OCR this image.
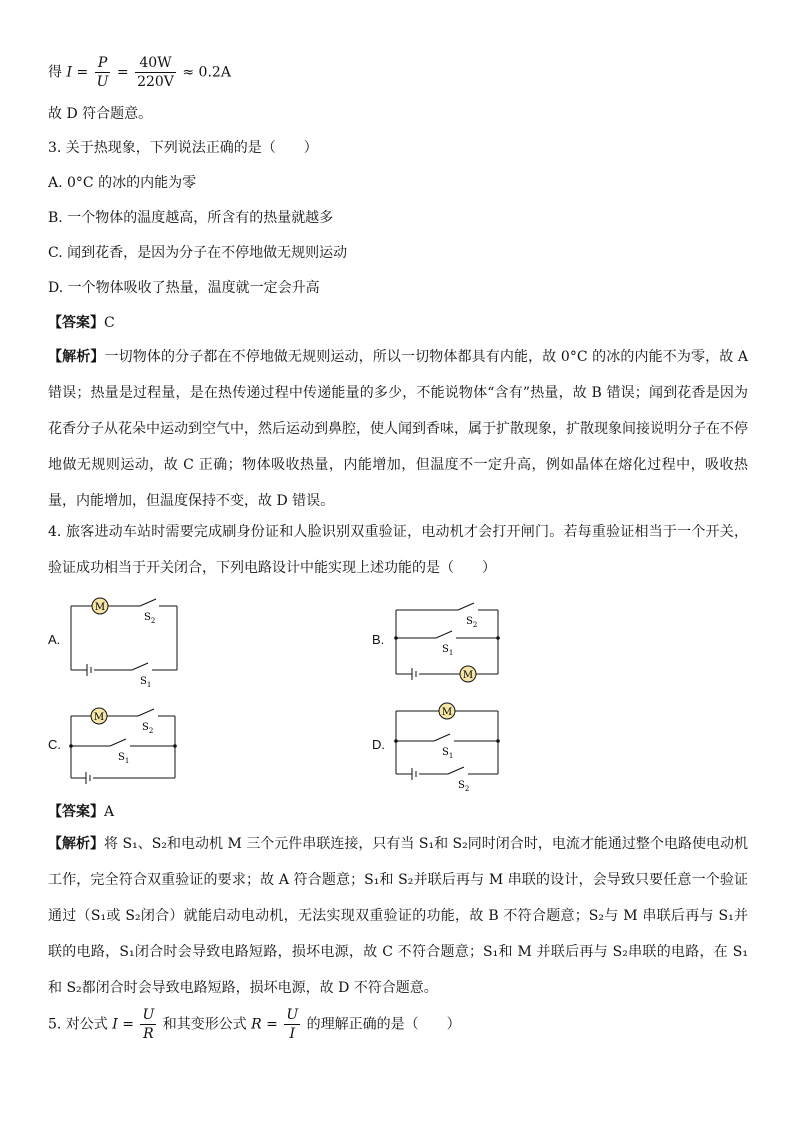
得 $I = \frac{P}{U} = \frac{40W}{220V} \approx 0.2A$
故 D 符合题意。
3. 关于热现象，下列说法正确的是（　　）
A. 0°C 的冰的内能为零
B. 一个物体的温度越高，所含有的热量就越多
C. 闻到花香，是因为分子在不停地做无规则运动
D. 一个物体吸收了热量，温度就一定会升高
【答案】C
【解析】一切物体的分子都在不停地做无规则运动，所以一切物体都具有内能，故 0°C 的冰的内能不为零，故 A 错误；热量是过程量，是在热传递过程中传递能量的多少，不能说物体“含有”热量，故 B 错误；闻到花香是因为花香分子从花朵中运动到空气中，然后运动到鼻腔，使人闻到香味，属于扩散现象，扩散现象间接说明分子在不停地做无规则运动，故 C 正确；物体吸收热量，内能增加，但温度不一定升高，例如晶体在熔化过程中，吸收热量，内能增加，但温度保持不变，故 D 错误。
4. 旅客进动车站时需要完成刷身份证和人脸识别双重验证，电动机才会打开闸门。若每重验证相当于一个开关，验证成功相当于开关闭合，下列电路设计中能实现上述功能的是（　　）
A.
M
$S_2$
$S_1$
B.
M
$S_2$
$S_1$
C.
M
$S_2$
$S_1$
D.
M
$S_1$
$S_2$
【答案】A
【解析】将 S₁、S₂和电动机 M 三个元件串联连接，只有当 S₁和 S₂同时闭合时，电流才能通过整个电路使电动机工作，完全符合双重验证的要求；故 A 符合题意；S₁和 S₂并联后再与 M 串联的设计，会导致只要任意一个验证通过（S₁或 S₂闭合）就能启动电动机，无法实现双重验证的功能，故 B 不符合题意；S₂与 M 串联后再与 S₁并联的电路，S₁闭合时会导致电路短路，损坏电源，故 C 不符合题意；S₁和 M 并联后再与 S₂串联的电路，在 S₁和 S₂都闭合时会导致电路短路，损坏电源，故 D 不符合题意。
5. 对公式 $I = \frac{U}{R}$ 和其变形公式 $R = \frac{U}{I}$ 的理解正确的是（　　）
